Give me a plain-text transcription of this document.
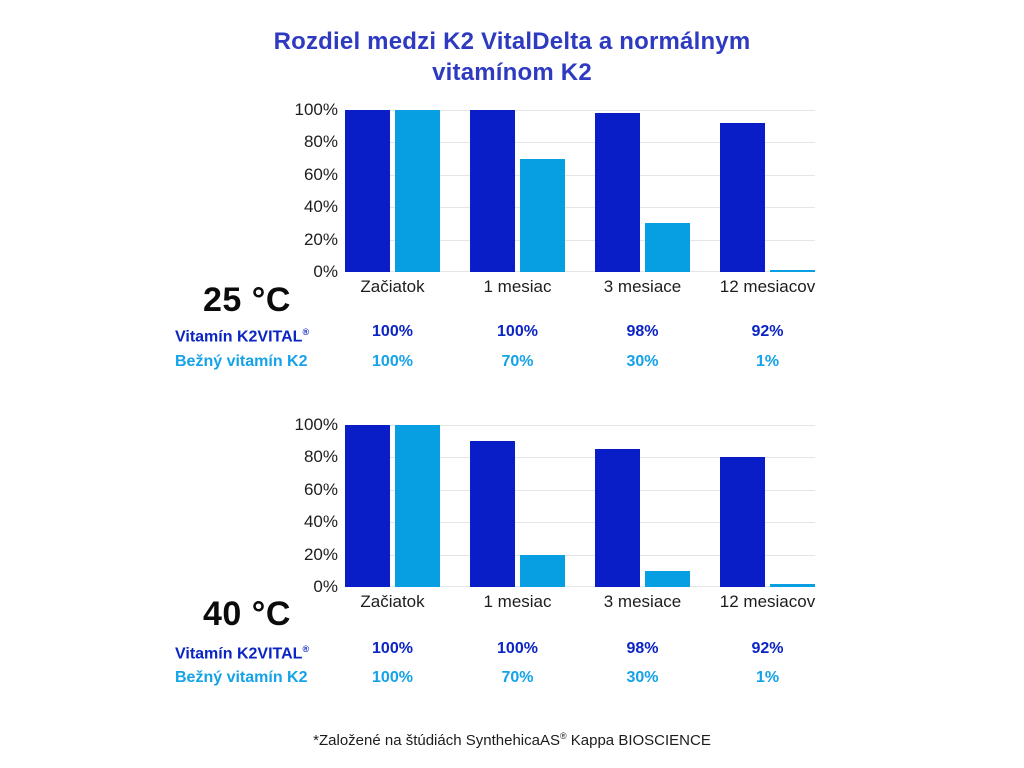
Rozdiel medzi K2 VitalDelta a normálnym
vitamínom K2
100%
80%
60%
40%
20%
0%
Začiatok	1 mesiac	3 mesiace	12 mesiacov
25 °C
Vitamín K2VITAL®	100%	100%	98%	92%
Bežný vitamín K2	100%	70%	30%	1%
100%
80%
60%
40%
20%
0%
Začiatok	1 mesiac	3 mesiace	12 mesiacov
40 °C
Vitamín K2VITAL®	100%	100%	98%	92%
Bežný vitamín K2	100%	70%	30%	1%
*Založené na štúdiách SynthehicaAS® Kappa BIOSCIENCE
